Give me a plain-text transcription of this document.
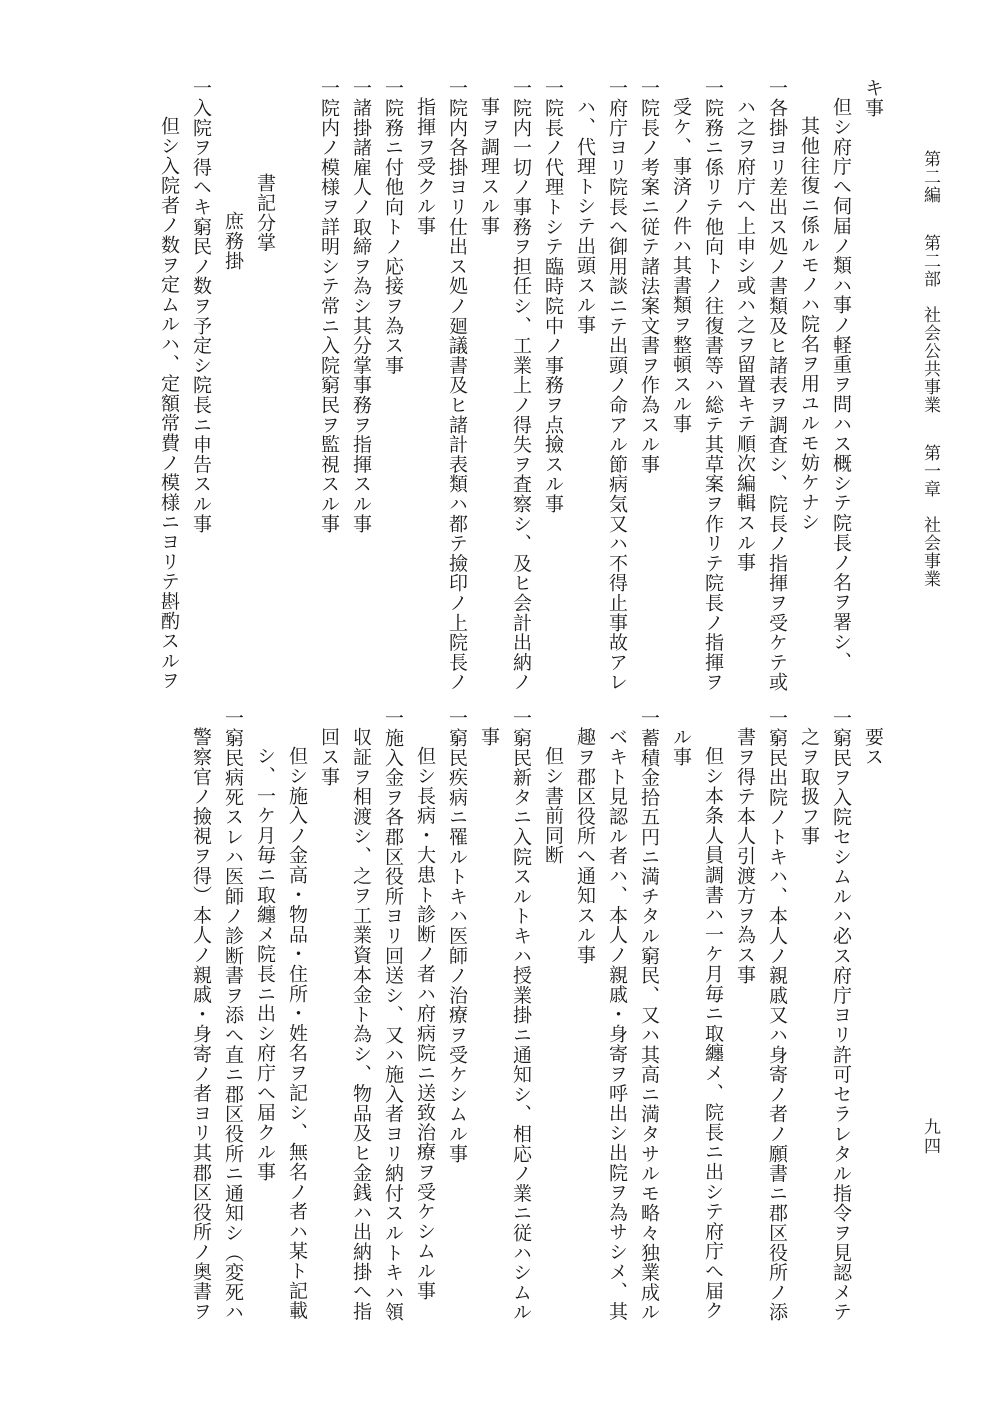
第二編第二部　社会公共事業第一章　社会事業
九四
キ事
但シ府庁へ伺届ノ類ハ事ノ軽重ヲ問ハス概シテ院長ノ名ヲ署シ、
其他往復ニ係ルモノハ院名ヲ用ユルモ妨ケナシ
一各掛ヨリ差出ス処ノ書類及ヒ諸表ヲ調査シ、院長ノ指揮ヲ受ケテ或
ハ之ヲ府庁へ上申シ或ハ之ヲ留置キテ順次編輯スル事
一院務ニ係リテ他向トノ往復書等ハ総テ其草案ヲ作リテ院長ノ指揮ヲ
受ケ、事済ノ件ハ其書類ヲ整頓スル事
一院長ノ考案ニ従テ諸法案文書ヲ作為スル事
一府庁ヨリ院長へ御用談ニテ出頭ノ命アル節病気又ハ不得止事故アレ
ハ、代理トシテ出頭スル事
一院長ノ代理トシテ臨時院中ノ事務ヲ点撿スル事
一院内一切ノ事務ヲ担任シ、工業上ノ得失ヲ査察シ、及ヒ会計出納ノ
事ヲ調理スル事
一院内各掛ヨリ仕出ス処ノ廻議書及ヒ諸計表類ハ都テ撿印ノ上院長ノ
指揮ヲ受クル事
一院務ニ付他向トノ応接ヲ為ス事
一諸掛諸雇人ノ取締ヲ為シ其分掌事務ヲ指揮スル事
一院内ノ模様ヲ詳明シテ常ニ入院窮民ヲ監視スル事

書記分掌
庶務掛
一入院ヲ得ヘキ窮民ノ数ヲ予定シ院長ニ申告スル事
但シ入院者ノ数ヲ定ムルハ、定額常費ノ模様ニヨリテ斟酌スルヲ
要ス
一窮民ヲ入院セシムルハ必ス府庁ヨリ許可セラレタル指令ヲ見認メテ
之ヲ取扱フ事
一窮民出院ノトキハ、本人ノ親戚又ハ身寄ノ者ノ願書ニ郡区役所ノ添
書ヲ得テ本人引渡方ヲ為ス事
但シ本条人員調書ハ一ケ月毎ニ取纏メ、院長ニ出シテ府庁へ届ク
ル事
一蓄積金拾五円ニ満チタル窮民、又ハ其高ニ満タサルモ略々独業成ル
ベキト見認ル者ハ、本人ノ親戚・身寄ヲ呼出シ出院ヲ為サシメ、其
趣ヲ郡区役所へ通知スル事
但シ書前同断
一窮民新タニ入院スルトキハ授業掛ニ通知シ、相応ノ業ニ従ハシムル
事
一窮民疾病ニ罹ルトキハ医師ノ治療ヲ受ケシムル事
但シ長病・大患ト診断ノ者ハ府病院ニ送致治療ヲ受ケシムル事
一施入金ヲ各郡区役所ヨリ回送シ、又ハ施入者ヨリ納付スルトキハ領
収証ヲ相渡シ、之ヲ工業資本金ト為シ、物品及ヒ金銭ハ出納掛へ指
回ス事
但シ施入ノ金高・物品・住所・姓名ヲ記シ、無名ノ者ハ某ト記載
シ、一ケ月毎ニ取纏メ院長ニ出シ府庁へ届クル事
一窮民病死スレハ医師ノ診断書ヲ添へ直ニ郡区役所ニ通知シ（変死ハ
警察官ノ撿視ヲ得）本人ノ親戚・身寄ノ者ヨリ其郡区役所ノ奥書ヲ
